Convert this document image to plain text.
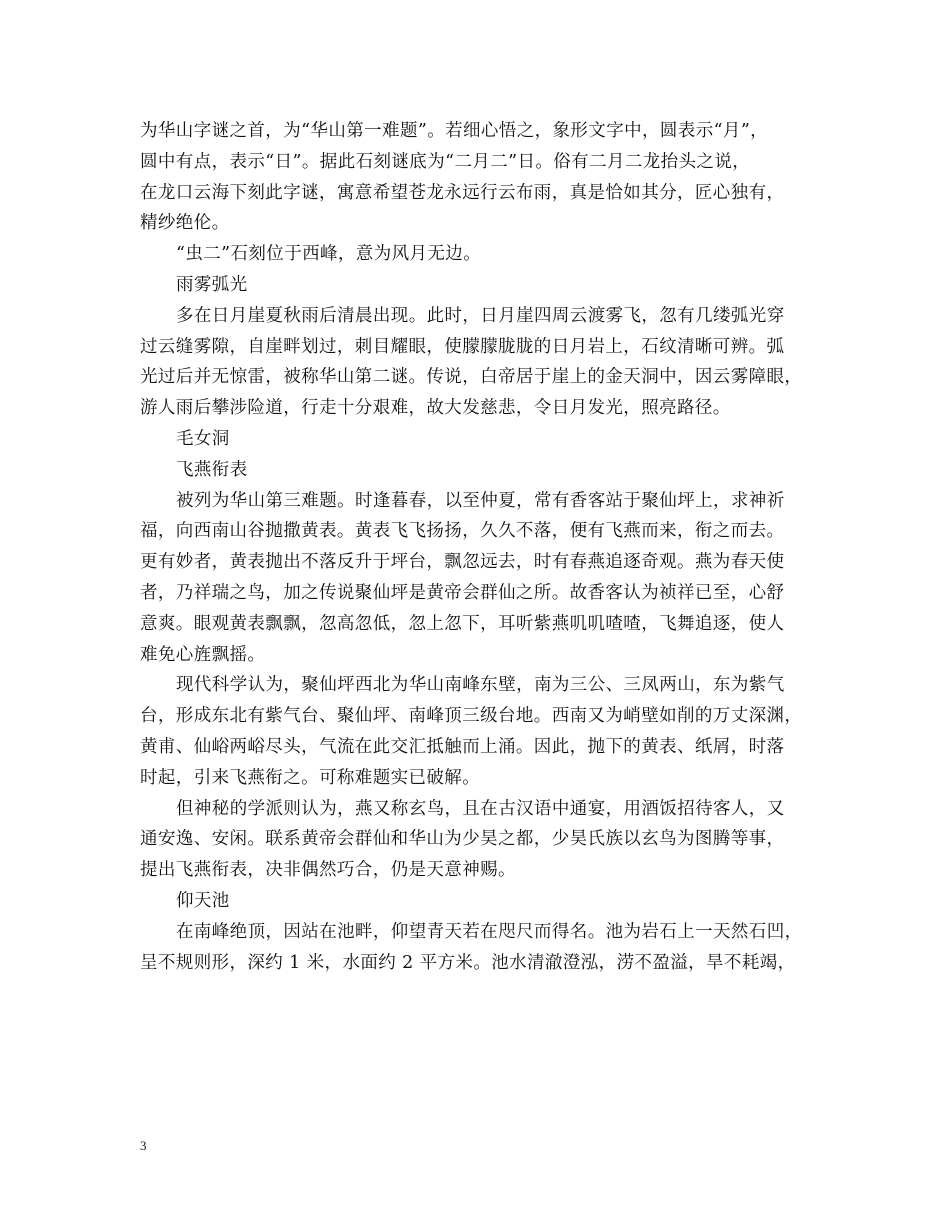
为华山字谜之首，为“华山第一难题”。若细心悟之，象形文字中，圆表示“月”，
圆中有点，表示“日”。据此石刻谜底为“二月二”日。俗有二月二龙抬头之说，
在龙口云海下刻此字谜，寓意希望苍龙永远行云布雨，真是恰如其分，匠心独有，
精纱绝伦。
“虫二”石刻位于西峰，意为风月无边。
雨雾弧光
多在日月崖夏秋雨后清晨出现。此时，日月崖四周云渡雾飞，忽有几缕弧光穿
过云缝雾隙，自崖畔划过，刺目耀眼，使朦朦胧胧的日月岩上，石纹清晰可辨。弧
光过后并无惊雷，被称华山第二谜。传说，白帝居于崖上的金天洞中，因云雾障眼，
游人雨后攀涉险道，行走十分艰难，故大发慈悲，令日月发光，照亮路径。
毛女洞
飞燕衔表
被列为华山第三难题。时逢暮春，以至仲夏，常有香客站于聚仙坪上，求神祈
福，向西南山谷抛撒黄表。黄表飞飞扬扬，久久不落，便有飞燕而来，衔之而去。
更有妙者，黄表抛出不落反升于坪台，飘忽远去，时有春燕追逐奇观。燕为春天使
者，乃祥瑞之鸟，加之传说聚仙坪是黄帝会群仙之所。故香客认为祯祥已至，心舒
意爽。眼观黄表飘飘，忽高忽低，忽上忽下，耳听紫燕叽叽喳喳，飞舞追逐，使人
难免心旌飘摇。
现代科学认为，聚仙坪西北为华山南峰东壁，南为三公、三凤两山，东为紫气
台，形成东北有紫气台、聚仙坪、南峰顶三级台地。西南又为峭壁如削的万丈深渊，
黄甫、仙峪两峪尽头，气流在此交汇抵触而上涌。因此，抛下的黄表、纸屑，时落
时起，引来飞燕衔之。可称难题实已破解。
但神秘的学派则认为，燕又称玄鸟，且在古汉语中通宴，用酒饭招待客人，又
通安逸、安闲。联系黄帝会群仙和华山为少昊之都，少昊氏族以玄鸟为图腾等事，
提出飞燕衔表，决非偶然巧合，仍是天意神赐。
仰天池
在南峰绝顶，因站在池畔，仰望青天若在咫尺而得名。池为岩石上一天然石凹，
呈不规则形，深约 1 米，水面约 2 平方米。池水清澈澄泓，涝不盈溢，旱不耗竭，
3
